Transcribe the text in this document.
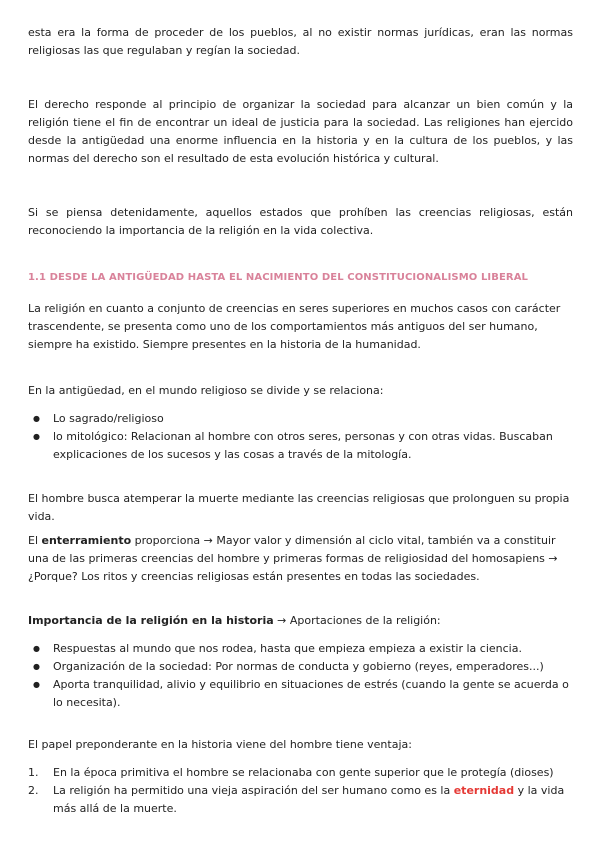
esta era la forma de proceder de los pueblos, al no existir normas jurídicas, eran las normas religiosas las que regulaban y regían la sociedad.

El derecho responde al principio de organizar la sociedad para alcanzar un bien común y la religión tiene el fin de encontrar un ideal de justicia para la sociedad. Las religiones han ejercido desde la antigüedad una enorme influencia en la historia y en la cultura de los pueblos, y las normas del derecho son el resultado de esta evolución histórica y cultural.

Si se piensa detenidamente, aquellos estados que prohíben las creencias religiosas, están reconociendo la importancia de la religión en la vida colectiva.

1.1 DESDE LA ANTIGÜEDAD HASTA EL NACIMIENTO DEL CONSTITUCIONALISMO LIBERAL

La religión en cuanto a conjunto de creencias en seres superiores en muchos casos con carácter trascendente, se presenta como uno de los comportamientos más antiguos del ser humano, siempre ha existido. Siempre presentes en la historia de la humanidad.

En la antigüedad, en el mundo religioso se divide y se relaciona:

● Lo sagrado/religioso
● lo mitológico: Relacionan al hombre con otros seres, personas y con otras vidas. Buscaban explicaciones de los sucesos y las cosas a través de la mitología.

El hombre busca atemperar la muerte mediante las creencias religiosas que prolonguen su propia vida.

El enterramiento proporciona → Mayor valor y dimensión al ciclo vital, también va a constituir una de las primeras creencias del hombre y primeras formas de religiosidad del homosapiens → ¿Porque? Los ritos y creencias religiosas están presentes en todas las sociedades.

Importancia de la religión en la historia → Aportaciones de la religión:

● Respuestas al mundo que nos rodea, hasta que empieza empieza a existir la ciencia.
● Organización de la sociedad: Por normas de conducta y gobierno (reyes, emperadores...)
● Aporta tranquilidad, alivio y equilibrio en situaciones de estrés (cuando la gente se acuerda o lo necesita).

El papel preponderante en la historia viene del hombre tiene ventaja:

1.	En la época primitiva el hombre se relacionaba con gente superior que le protegía (dioses)
2.	La religión ha permitido una vieja aspiración del ser humano como es la eternidad y la vida más allá de la muerte.
